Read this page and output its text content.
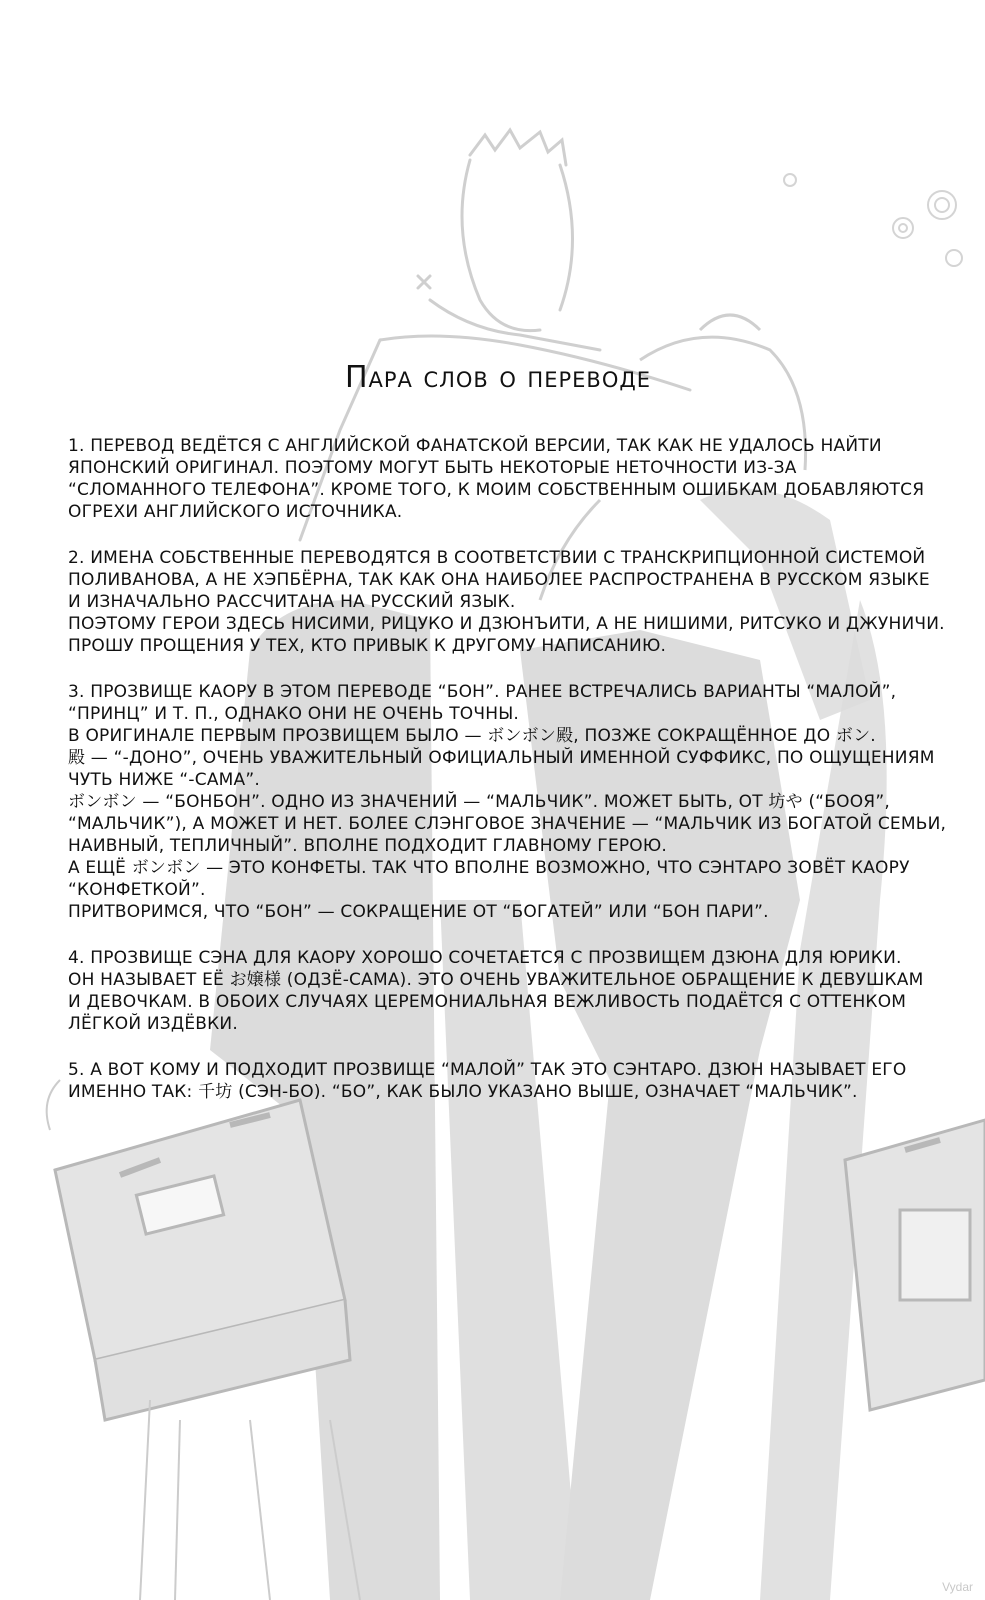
Пара слов о переводе
1. ПЕРЕВОД ВЕДЁТСЯ С АНГЛИЙСКОЙ ФАНАТСКОЙ ВЕРСИИ, ТАК КАК НЕ УДАЛОСЬ НАЙТИ
ЯПОНСКИЙ ОРИГИНАЛ. ПОЭТОМУ МОГУТ БЫТЬ НЕКОТОРЫЕ НЕТОЧНОСТИ ИЗ-ЗА
“СЛОМАННОГО ТЕЛЕФОНА”. КРОМЕ ТОГО, К МОИМ СОБСТВЕННЫМ ОШИБКАМ ДОБАВЛЯЮТСЯ
ОГРЕХИ АНГЛИЙСКОГО ИСТОЧНИКА.
2. ИМЕНА СОБСТВЕННЫЕ ПЕРЕВОДЯТСЯ В СООТВЕТСТВИИ С ТРАНСКРИПЦИОННОЙ СИСТЕМОЙ
ПОЛИВАНОВА, А НЕ ХЭПБЁРНА, ТАК КАК ОНА НАИБОЛЕЕ РАСПРОСТРАНЕНА В РУССКОМ ЯЗЫКЕ
И ИЗНАЧАЛЬНО РАССЧИТАНА НА РУССКИЙ ЯЗЫК.
ПОЭТОМУ ГЕРОИ ЗДЕСЬ НИСИМИ, РИЦУКО И ДЗЮНЪИТИ, А НЕ НИШИМИ, РИТСУКО И ДЖУНИЧИ.
ПРОШУ ПРОЩЕНИЯ У ТЕХ, КТО ПРИВЫК К ДРУГОМУ НАПИСАНИЮ.
3. ПРОЗВИЩЕ КАОРУ В ЭТОМ ПЕРЕВОДЕ “БОН”. РАНЕЕ ВСТРЕЧАЛИСЬ ВАРИАНТЫ “МАЛОЙ”,
“ПРИНЦ” И Т. П., ОДНАКО ОНИ НЕ ОЧЕНЬ ТОЧНЫ.
В ОРИГИНАЛЕ ПЕРВЫМ ПРОЗВИЩЕМ БЫЛО — ボンボン殿, ПОЗЖЕ СОКРАЩЁННОЕ ДО ボン.
殿 — “-ДОНО”, ОЧЕНЬ УВАЖИТЕЛЬНЫЙ ОФИЦИАЛЬНЫЙ ИМЕННОЙ СУФФИКС, ПО ОЩУЩЕНИЯМ
ЧУТЬ НИЖЕ “-САМА”.
ボンボン — “БОНБОН”. ОДНО ИЗ ЗНАЧЕНИЙ — “МАЛЬЧИК”. МОЖЕТ БЫТЬ, ОТ 坊や (“БООЯ”,
“МАЛЬЧИК”), А МОЖЕТ И НЕТ. БОЛЕЕ СЛЭНГОВОЕ ЗНАЧЕНИЕ — “МАЛЬЧИК ИЗ БОГАТОЙ СЕМЬИ,
НАИВНЫЙ, ТЕПЛИЧНЫЙ”. ВПОЛНЕ ПОДХОДИТ ГЛАВНОМУ ГЕРОЮ.
А ЕЩЁ ボンボン — ЭТО КОНФЕТЫ. ТАК ЧТО ВПОЛНЕ ВОЗМОЖНО, ЧТО СЭНТАРО ЗОВЁТ КАОРУ
“КОНФЕТКОЙ”.
ПРИТВОРИМСЯ, ЧТО “БОН” — СОКРАЩЕНИЕ ОТ “БОГАТЕЙ” ИЛИ “БОН ПАРИ”.
4. ПРОЗВИЩЕ СЭНА ДЛЯ КАОРУ ХОРОШО СОЧЕТАЕТСЯ С ПРОЗВИЩЕМ ДЗЮНА ДЛЯ ЮРИКИ.
ОН НАЗЫВАЕТ ЕЁ お嬢様 (ОДЗЁ-САМА). ЭТО ОЧЕНЬ УВАЖИТЕЛЬНОЕ ОБРАЩЕНИЕ К ДЕВУШКАМ
И ДЕВОЧКАМ. В ОБОИХ СЛУЧАЯХ ЦЕРЕМОНИАЛЬНАЯ ВЕЖЛИВОСТЬ ПОДАЁТСЯ С ОТТЕНКОМ
ЛЁГКОЙ ИЗДЁВКИ.
5. А ВОТ КОМУ И ПОДХОДИТ ПРОЗВИЩЕ “МАЛОЙ” ТАК ЭТО СЭНТАРО. ДЗЮН НАЗЫВАЕТ ЕГО
ИМЕННО ТАК: 千坊 (СЭН-БО). “БО”, КАК БЫЛО УКАЗАНО ВЫШЕ, ОЗНАЧАЕТ “МАЛЬЧИК”.
Vydar
